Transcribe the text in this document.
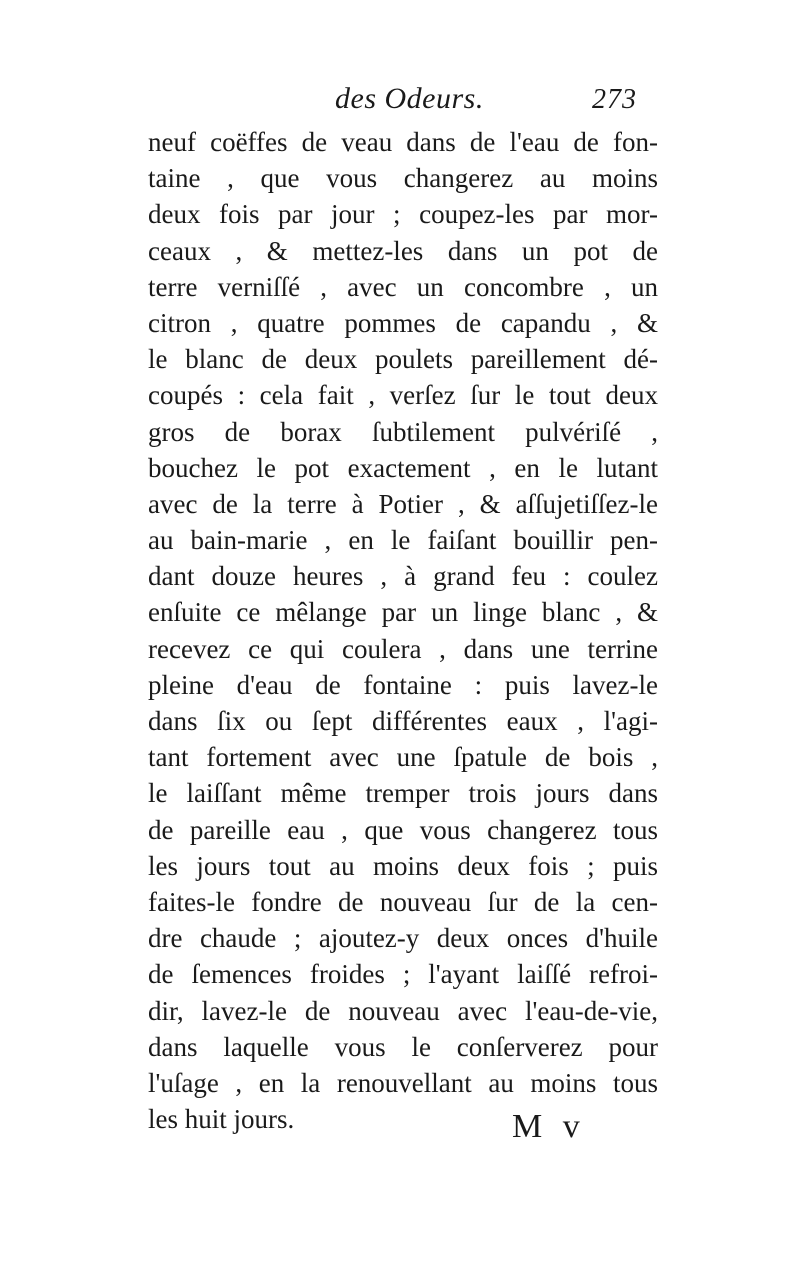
des Odeurs.	273
neuf coëffes de veau dans de l'eau de fon-
taine , que vous changerez au moins
deux fois par jour ; coupez-les par mor-
ceaux , & mettez-les dans un pot de
terre verniſſé , avec un concombre , un
citron , quatre pommes de capandu , &
le blanc de deux poulets pareillement dé-
coupés : cela fait , verſez ſur le tout deux
gros de borax ſubtilement pulvériſé ,
bouchez le pot exactement , en le lutant
avec de la terre à Potier , & aſſujetiſſez-le
au bain-marie , en le faiſant bouillir pen-
dant douze heures , à grand feu : coulez
enſuite ce mêlange par un linge blanc , &
recevez ce qui coulera , dans une terrine
pleine d'eau de fontaine : puis lavez-le
dans ſix ou ſept différentes eaux , l'agi-
tant fortement avec une ſpatule de bois ,
le laiſſant même tremper trois jours dans
de pareille eau , que vous changerez tous
les jours tout au moins deux fois ; puis
faites-le fondre de nouveau ſur de la cen-
dre chaude ; ajoutez-y deux onces d'huile
de ſemences froides ; l'ayant laiſſé refroi-
dir, lavez-le de nouveau avec l'eau-de-vie,
dans laquelle vous le conſerverez pour
l'uſage , en la renouvellant au moins tous
les huit jours.	M v
